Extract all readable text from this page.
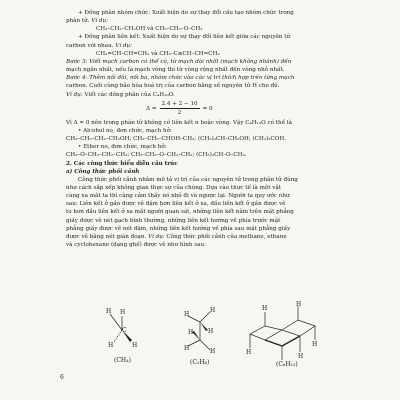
+ Đồng phân nhóm chức: Xuất hiện do sự thay đổi cấu tạo nhóm chức trong
phân tử. Ví dụ:
CH₃–CH₂–CH₂OH và CH₃–CH₂–O–CH₃
+ Đồng phân liên kết: Xuất hiện do sự thay đổi liên kết giữa các nguyên tử
carbon với nhau. Ví dụ:
CH₂=CH–CH=CH₂ và CH₃–C≡CH–CH=CH₂
Bước 3: Viết mạch carbon có thể có, từ mạch dài nhất (mạch không nhánh) đến
mạch ngắn nhất, nếu là mạch vòng thì từ vòng rộng nhất đến vòng nhỏ nhất.
Bước 4: Thêm nối đôi, nối ba, nhóm chức vào các vị trí thích hợp trên từng mạch
carbon. Cuối cùng bão hòa hoá trị của carbon bằng số nguyên tử H cho đủ.
Ví dụ: Viết các đồng phân của C₄H₁₀O.
$\Delta = \frac{2.4 + 2 - 10}{2} = 0$
Vì Δ = 0 nên trong phân tử không có liên kết π hoặc vòng. Vậy C₄H₁₀O có thể là
• Alcohol no, đơn chức, mạch hở:
CH₃–CH₂–CH₂–CH₂OH; CH₃–CH₂–CHOH–CH₃; (CH₃)₂CH–CH₂OH; (CH₃)₃COH.
• Ether no, đơn chức, mạch hở:
CH₃–O–CH₂–CH₂–CH₃; CH₃–CH₂–O–CH₂–CH₃; (CH₃)₂CH–O–CH₃.
2. Các công thức biểu diễn cấu trúc
a) Công thức phối cảnh
Công thức phối cảnh nhằm mô tả vị trí của các nguyên tử trong phân tử đúng
như cách sắp xếp không gian thực sự của chúng. Dựa vào thực tế là một vật
càng xa mắt ta thì càng cảm thấy nó nhỏ đi và ngược lại. Người ta quy ước như
sau: Liên kết ở gần được vẽ đậm hơn liên kết ở xa, đầu liên kết ở gần được vẽ
to hơn đầu liên kết ở xa mắt người quan sát, những liên kết nằm trên mặt phẳng
giấy được vẽ nét gạch bình thường, những liên kết hướng về phía trước mặt
phẳng giấy được vẽ nét đậm, những liên kết hướng về phía sau mặt phẳng giấy
được vẽ bằng nét gián đoạn. Ví dụ: Công thức phối cảnh của methane, ethane
và cyclohexane (dạng ghế) được vẽ như hình sau:
H H
C
H	H
(CH₄)
H
H
H
H
H	H
(C₂H₆)
H
H
H
H
H
(C₆H₁₂)
6
